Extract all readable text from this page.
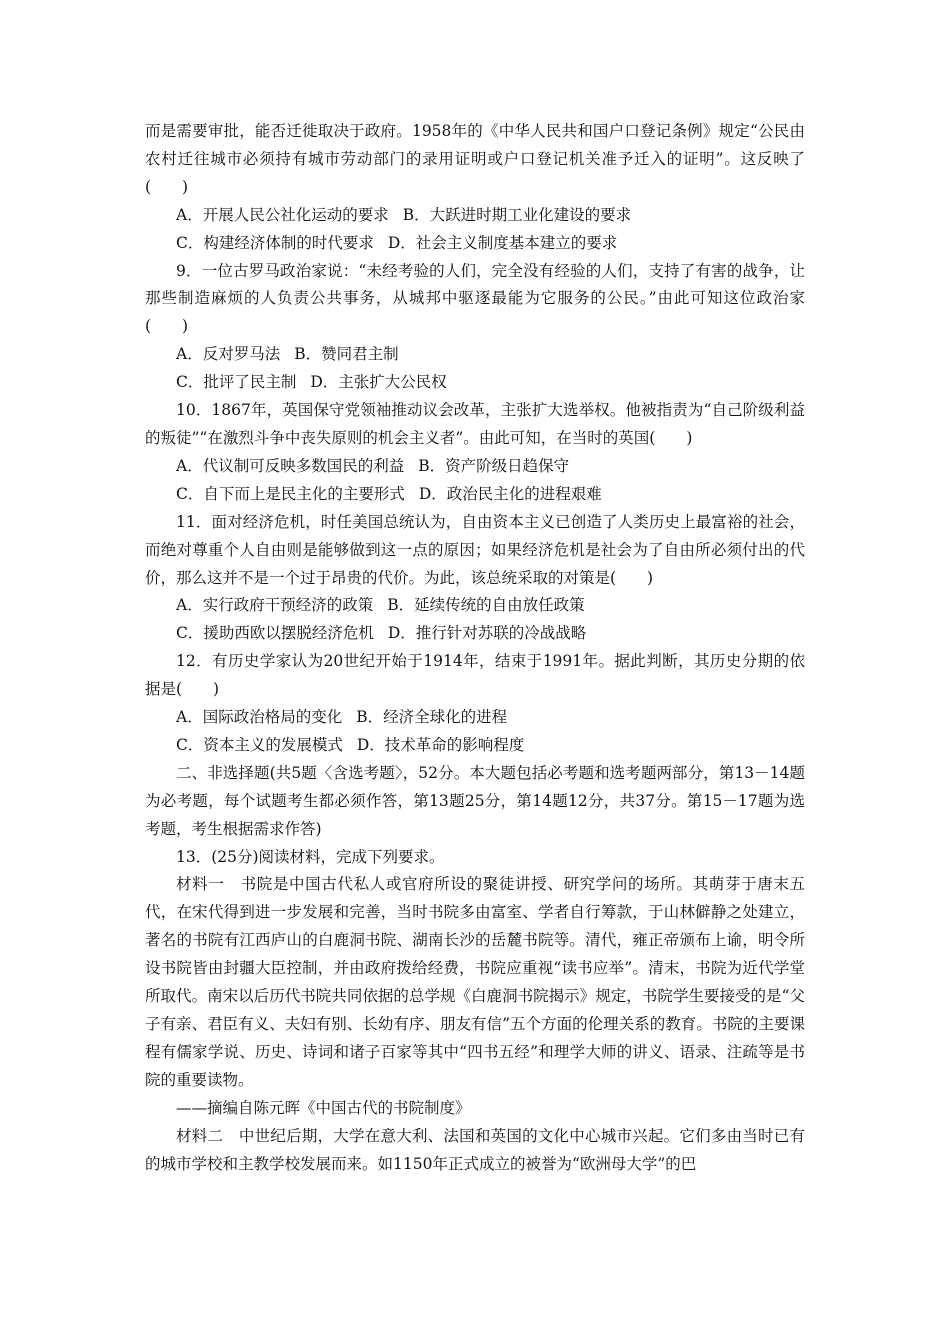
而是需要审批，能否迁徙取决于政府。1958年的《中华人民共和国户口登记条例》规定“公民由农村迁往城市必须持有城市劳动部门的录用证明或户口登记机关准予迁入的证明”。这反映了(　　)

A．开展人民公社化运动的要求 B．大跃进时期工业化建设的要求

C．构建经济体制的时代要求 D．社会主义制度基本建立的要求

9．一位古罗马政治家说：“未经考验的人们，完全没有经验的人们，支持了有害的战争，让那些制造麻烦的人负责公共事务，从城邦中驱逐最能为它服务的公民。”由此可知这位政治家(　　)

A．反对罗马法 B．赞同君主制

C．批评了民主制 D．主张扩大公民权

10．1867年，英国保守党领袖推动议会改革，主张扩大选举权。他被指责为“自己阶级利益的叛徒”“在激烈斗争中丧失原则的机会主义者”。由此可知，在当时的英国(　　)

A．代议制可反映多数国民的利益 B．资产阶级日趋保守

C．自下而上是民主化的主要形式 D．政治民主化的进程艰难

11．面对经济危机，时任美国总统认为，自由资本主义已创造了人类历史上最富裕的社会，而绝对尊重个人自由则是能够做到这一点的原因；如果经济危机是社会为了自由所必须付出的代价，那么这并不是一个过于昂贵的代价。为此，该总统采取的对策是(　　)

A．实行政府干预经济的政策 B．延续传统的自由放任政策

C．援助西欧以摆脱经济危机 D．推行针对苏联的冷战战略

12．有历史学家认为20世纪开始于1914年，结束于1991年。据此判断，其历史分期的依据是(　　)

A．国际政治格局的变化 B．经济全球化的进程

C．资本主义的发展模式 D．技术革命的影响程度

二、非选择题(共5题〈含选考题〉，52分。本大题包括必考题和选考题两部分，第13－14题为必考题，每个试题考生都必须作答，第13题25分，第14题12分，共37分。第15－17题为选考题，考生根据需求作答)

13．(25分)阅读材料，完成下列要求。

材料一　书院是中国古代私人或官府所设的聚徒讲授、研究学问的场所。其萌芽于唐末五代，在宋代得到进一步发展和完善，当时书院多由富室、学者自行筹款，于山林僻静之处建立，著名的书院有江西庐山的白鹿洞书院、湖南长沙的岳麓书院等。清代，雍正帝颁布上谕，明令所设书院皆由封疆大臣控制，并由政府拨给经费，书院应重视“读书应举”。清末，书院为近代学堂所取代。南宋以后历代书院共同依据的总学规《白鹿洞书院揭示》规定，书院学生要接受的是“父子有亲、君臣有义、夫妇有别、长幼有序、朋友有信”五个方面的伦理关系的教育。书院的主要课程有儒家学说、历史、诗词和诸子百家等其中“四书五经”和理学大师的讲义、语录、注疏等是书院的重要读物。

——摘编自陈元晖《中国古代的书院制度》

材料二　中世纪后期，大学在意大利、法国和英国的文化中心城市兴起。它们多由当时已有的城市学校和主教学校发展而来。如1150年正式成立的被誉为“欧洲母大学”的巴
